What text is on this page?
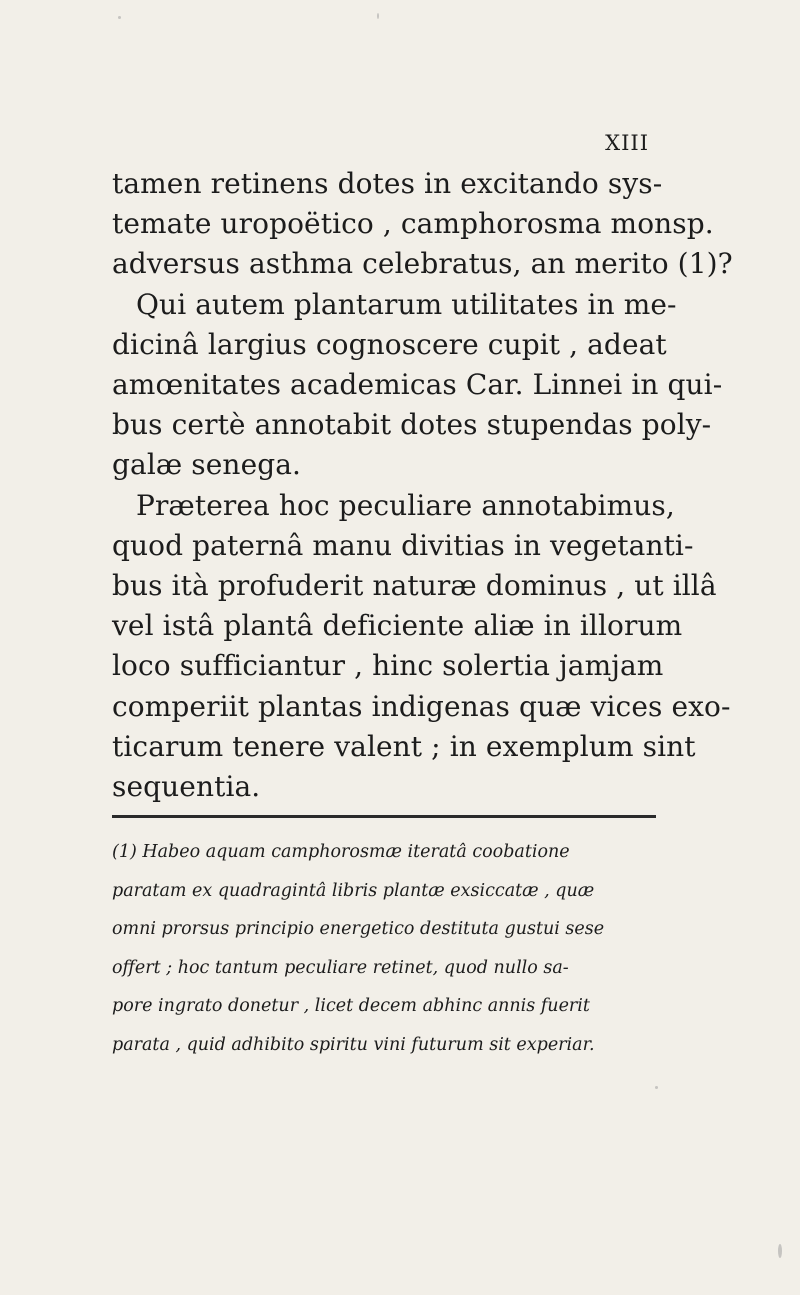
XIII
tamen retinens dotes in excitando sys-
temate uropoëtico , camphorosma monsp.
adversus asthma celebratus, an merito (1)?
Qui autem plantarum utilitates in me-
dicinâ largius cognoscere cupit , adeat
amœnitates academicas Car. Linnei in qui-
bus certè annotabit dotes stupendas poly-
galæ senega.
Præterea hoc peculiare annotabimus,
quod paternâ manu divitias in vegetanti-
bus ità profuderit naturæ dominus , ut illâ
vel istâ plantâ deficiente aliæ in illorum
loco sufficiantur , hinc solertia jamjam
comperiit plantas indigenas quæ vices exo-
ticarum tenere valent ; in exemplum sint
sequentia.
(1) Habeo aquam camphorosmæ iteratâ coobatione
paratam ex quadragintâ libris plantæ exsiccatæ , quæ
omni prorsus principio energetico destituta gustui sese
offert ; hoc tantum peculiare retinet, quod nullo sa-
pore ingrato donetur , licet decem abhinc annis fuerit
parata , quid adhibito spiritu vini futurum sit experiar.
